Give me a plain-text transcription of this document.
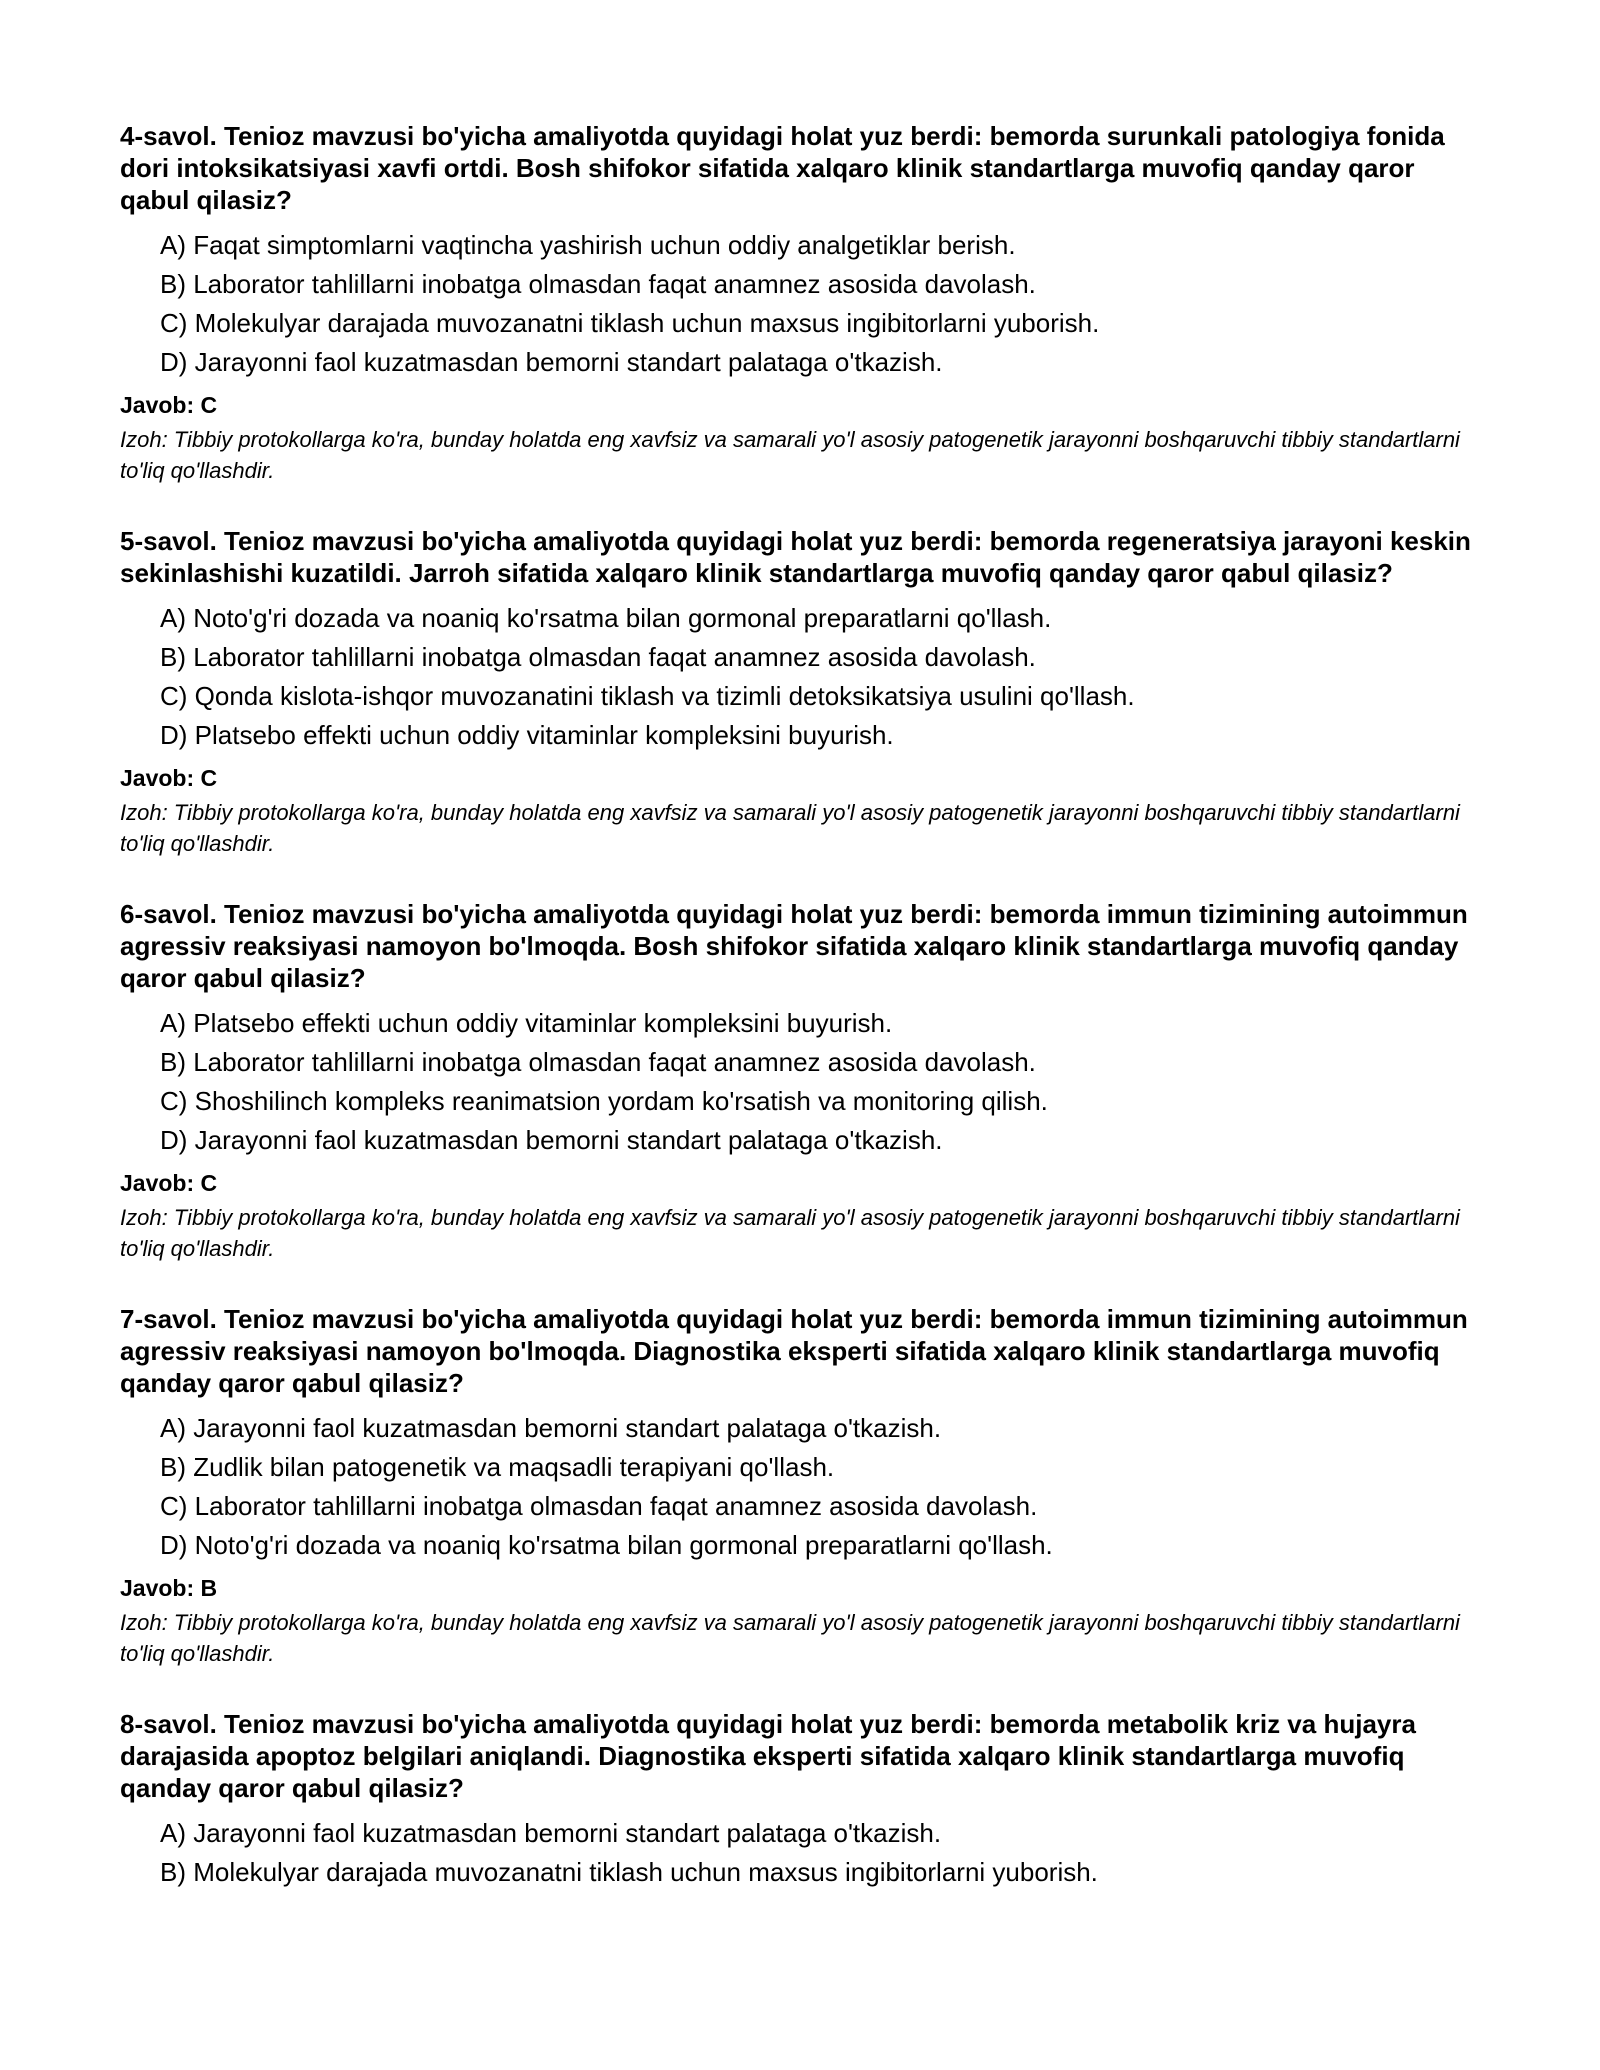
4-savol. Tenioz mavzusi bo'yicha amaliyotda quyidagi holat yuz berdi: bemorda surunkali patologiya fonida dori intoksikatsiyasi xavfi ortdi. Bosh shifokor sifatida xalqaro klinik standartlarga muvofiq qanday qaror qabul qilasiz?

A) Faqat simptomlarni vaqtincha yashirish uchun oddiy analgetiklar berish.
B) Laborator tahlillarni inobatga olmasdan faqat anamnez asosida davolash.
C) Molekulyar darajada muvozanatni tiklash uchun maxsus ingibitorlarni yuborish.
D) Jarayonni faol kuzatmasdan bemorni standart palataga o'tkazish.

Javob: C

Izoh: Tibbiy protokollarga ko'ra, bunday holatda eng xavfsiz va samarali yo'l asosiy patogenetik jarayonni boshqaruvchi tibbiy standartlarni to'liq qo'llashdir.

5-savol. Tenioz mavzusi bo'yicha amaliyotda quyidagi holat yuz berdi: bemorda regeneratsiya jarayoni keskin sekinlashishi kuzatildi. Jarroh sifatida xalqaro klinik standartlarga muvofiq qanday qaror qabul qilasiz?

A) Noto'g'ri dozada va noaniq ko'rsatma bilan gormonal preparatlarni qo'llash.
B) Laborator tahlillarni inobatga olmasdan faqat anamnez asosida davolash.
C) Qonda kislota-ishqor muvozanatini tiklash va tizimli detoksikatsiya usulini qo'llash.
D) Platsebo effekti uchun oddiy vitaminlar kompleksini buyurish.

Javob: C

Izoh: Tibbiy protokollarga ko'ra, bunday holatda eng xavfsiz va samarali yo'l asosiy patogenetik jarayonni boshqaruvchi tibbiy standartlarni to'liq qo'llashdir.

6-savol. Tenioz mavzusi bo'yicha amaliyotda quyidagi holat yuz berdi: bemorda immun tizimining autoimmun agressiv reaksiyasi namoyon bo'lmoqda. Bosh shifokor sifatida xalqaro klinik standartlarga muvofiq qanday qaror qabul qilasiz?

A) Platsebo effekti uchun oddiy vitaminlar kompleksini buyurish.
B) Laborator tahlillarni inobatga olmasdan faqat anamnez asosida davolash.
C) Shoshilinch kompleks reanimatsion yordam ko'rsatish va monitoring qilish.
D) Jarayonni faol kuzatmasdan bemorni standart palataga o'tkazish.

Javob: C

Izoh: Tibbiy protokollarga ko'ra, bunday holatda eng xavfsiz va samarali yo'l asosiy patogenetik jarayonni boshqaruvchi tibbiy standartlarni to'liq qo'llashdir.

7-savol. Tenioz mavzusi bo'yicha amaliyotda quyidagi holat yuz berdi: bemorda immun tizimining autoimmun agressiv reaksiyasi namoyon bo'lmoqda. Diagnostika eksperti sifatida xalqaro klinik standartlarga muvofiq qanday qaror qabul qilasiz?

A) Jarayonni faol kuzatmasdan bemorni standart palataga o'tkazish.
B) Zudlik bilan patogenetik va maqsadli terapiyani qo'llash.
C) Laborator tahlillarni inobatga olmasdan faqat anamnez asosida davolash.
D) Noto'g'ri dozada va noaniq ko'rsatma bilan gormonal preparatlarni qo'llash.

Javob: B

Izoh: Tibbiy protokollarga ko'ra, bunday holatda eng xavfsiz va samarali yo'l asosiy patogenetik jarayonni boshqaruvchi tibbiy standartlarni to'liq qo'llashdir.

8-savol. Tenioz mavzusi bo'yicha amaliyotda quyidagi holat yuz berdi: bemorda metabolik kriz va hujayra darajasida apoptoz belgilari aniqlandi. Diagnostika eksperti sifatida xalqaro klinik standartlarga muvofiq qanday qaror qabul qilasiz?

A) Jarayonni faol kuzatmasdan bemorni standart palataga o'tkazish.
B) Molekulyar darajada muvozanatni tiklash uchun maxsus ingibitorlarni yuborish.
